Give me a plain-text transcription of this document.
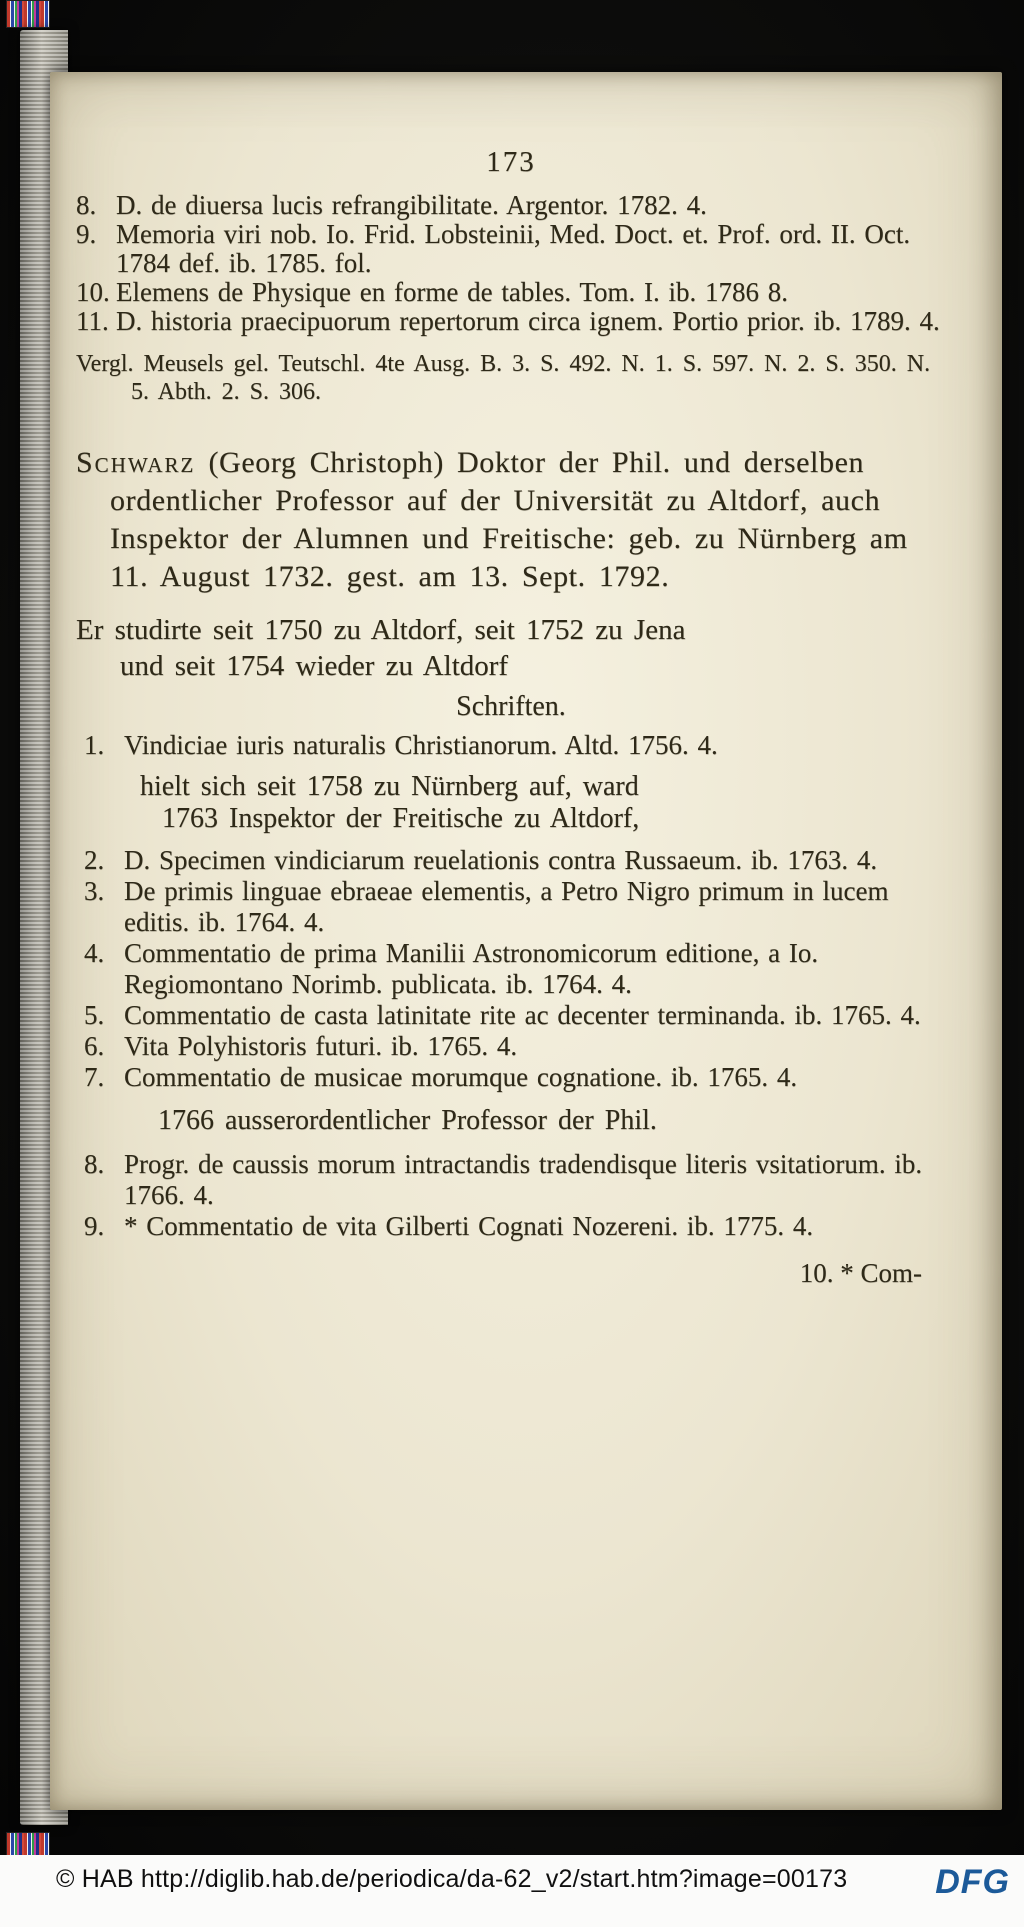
173
8. D. de diuersa lucis refrangibilitate. Argentor. 1782. 4.
9. Memoria viri nob. Io. Frid. Lobsteinii, Med. Doct. et. Prof. ord. II. Oct. 1784 def. ib. 1785. fol.
10. Elemens de Physique en forme de tables. Tom. I. ib. 1786 8.
11. D. historia praecipuorum repertorum circa ignem. Portio prior. ib. 1789. 4.
Vergl. Meusels gel. Teutschl. 4te Ausg. B. 3. S. 492. N. 1. S. 597. N. 2. S. 350. N. 5. Abth. 2. S. 306.
Schwarz (Georg Christoph) Doktor der Phil. und derselben ordentlicher Professor auf der Universität zu Altdorf, auch Inspektor der Alumnen und Freitische: geb. zu Nürnberg am 11. August 1732. gest. am 13. Sept. 1792.
Er studirte seit 1750 zu Altdorf, seit 1752 zu Jena
und seit 1754 wieder zu Altdorf
Schriften.
1. Vindiciae iuris naturalis Christianorum. Altd. 1756. 4.
hielt sich seit 1758 zu Nürnberg auf, ward
1763 Inspektor der Freitische zu Altdorf,
2. D. Specimen vindiciarum reuelationis contra Russaeum. ib. 1763. 4.
3. De primis linguae ebraeae elementis, a Petro Nigro primum in lucem editis. ib. 1764. 4.
4. Commentatio de prima Manilii Astronomicorum editione, a Io. Regiomontano Norimb. publicata. ib. 1764. 4.
5. Commentatio de casta latinitate rite ac decenter terminanda. ib. 1765. 4.
6. Vita Polyhistoris futuri. ib. 1765. 4.
7. Commentatio de musicae morumque cognatione. ib. 1765. 4.
1766 ausserordentlicher Professor der Phil.
8. Progr. de caussis morum intractandis tradendisque literis vsitatiorum. ib. 1766. 4.
9. * Commentatio de vita Gilberti Cognati Nozereni. ib. 1775. 4.
10. * Com-
© HAB http://diglib.hab.de/periodica/da-62_v2/start.htm?image=00173	DFG
